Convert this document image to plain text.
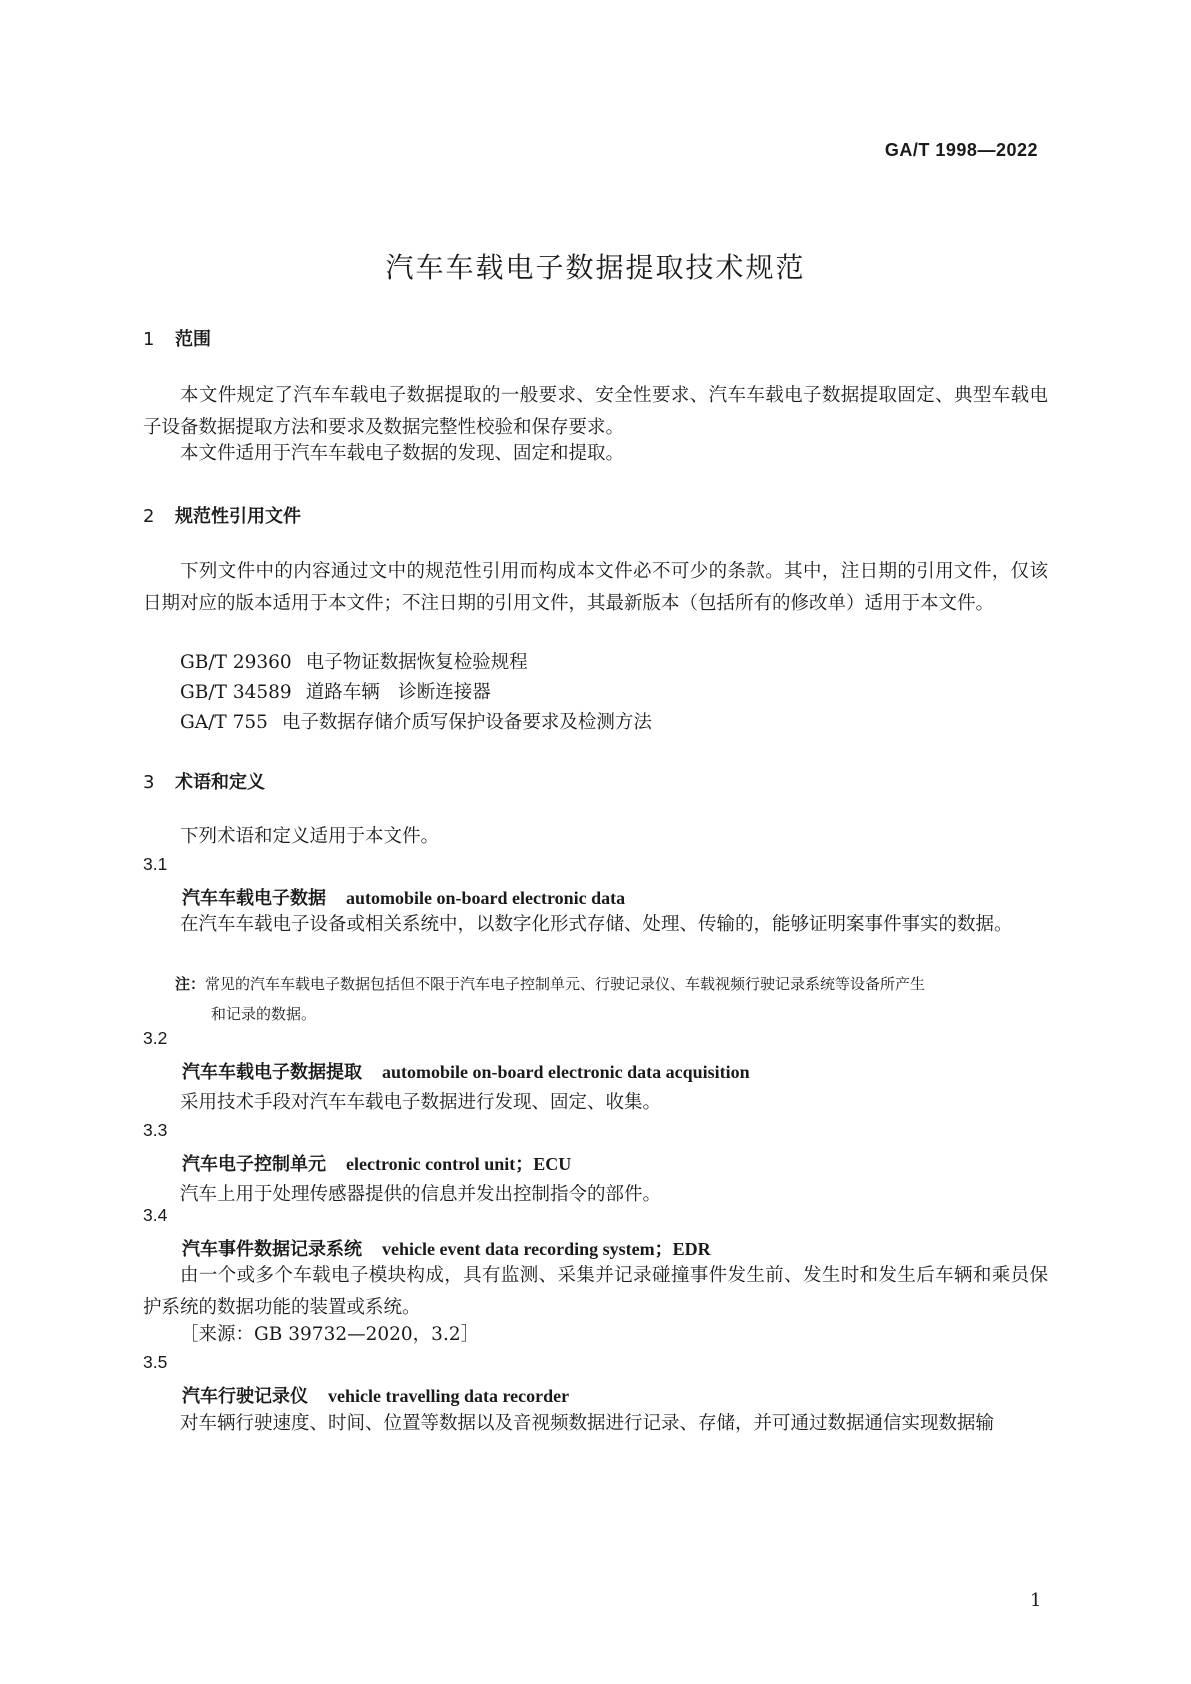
GA/T 1998—2022
汽车车载电子数据提取技术规范
1 范围
本文件规定了汽车车载电子数据提取的一般要求、安全性要求、汽车车载电子数据提取固定、典型车载电子设备数据提取方法和要求及数据完整性校验和保存要求。
本文件适用于汽车车载电子数据的发现、固定和提取。
2 规范性引用文件
下列文件中的内容通过文中的规范性引用而构成本文件必不可少的条款。其中，注日期的引用文件，仅该日期对应的版本适用于本文件；不注日期的引用文件，其最新版本（包括所有的修改单）适用于本文件。
GB/T 29360 电子物证数据恢复检验规程
GB/T 34589 道路车辆　诊断连接器
GA/T 755 电子数据存储介质写保护设备要求及检测方法
3 术语和定义
下列术语和定义适用于本文件。
3.1
汽车车载电子数据 automobile on-board electronic data
在汽车车载电子设备或相关系统中，以数字化形式存储、处理、传输的，能够证明案事件事实的数据。
注：常见的汽车车载电子数据包括但不限于汽车电子控制单元、行驶记录仪、车载视频行驶记录系统等设备所产生
和记录的数据。
3.2
汽车车载电子数据提取 automobile on-board electronic data acquisition
采用技术手段对汽车车载电子数据进行发现、固定、收集。
3.3
汽车电子控制单元 electronic control unit；ECU
汽车上用于处理传感器提供的信息并发出控制指令的部件。
3.4
汽车事件数据记录系统 vehicle event data recording system；EDR
由一个或多个车载电子模块构成，具有监测、采集并记录碰撞事件发生前、发生时和发生后车辆和乘员保护系统的数据功能的装置或系统。
［来源：GB 39732—2020，3.2］
3.5
汽车行驶记录仪 vehicle travelling data recorder
对车辆行驶速度、时间、位置等数据以及音视频数据进行记录、存储，并可通过数据通信实现数据输
1
